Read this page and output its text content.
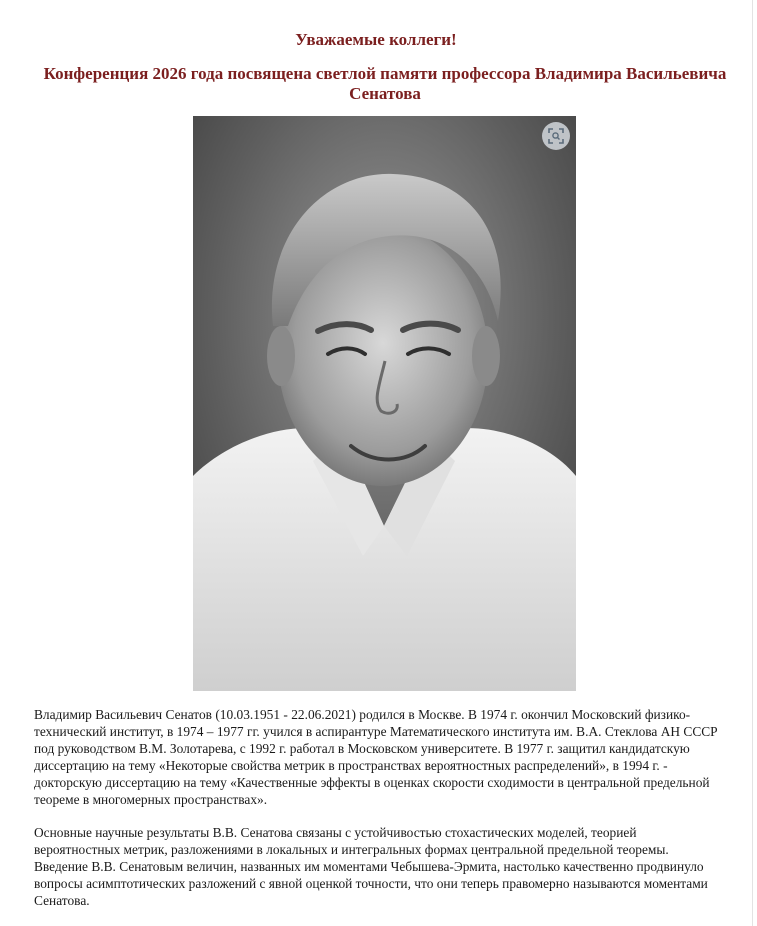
Уважаемые коллеги!
Конференция 2026 года посвящена светлой памяти профессора Владимира Васильевича Сенатова

Владимир Васильевич Сенатов (10.03.1951 - 22.06.2021) родился в Москве. В 1974 г. окончил Московский физико-технический институт, в 1974 – 1977 гг. учился в аспирантуре Математического института им. В.А. Стеклова АН СССР под руководством В.М. Золотарева, с 1992 г. работал в Московском университете. В 1977 г. защитил кандидатскую диссертацию на тему «Некоторые свойства метрик в пространствах вероятностных распределений», в 1994 г. - докторскую диссертацию на тему «Качественные эффекты в оценках скорости сходимости в центральной предельной теореме в многомерных пространствах».

Основные научные результаты В.В. Сенатова связаны с устойчивостью стохастических моделей, теорией вероятностных метрик, разложениями в локальных и интегральных формах центральной предельной теоремы. Введение В.В. Сенатовым величин, названных им моментами Чебышева-Эрмита, настолько качественно продвинуло вопросы асимптотических разложений с явной оценкой точности, что они теперь правомерно называются моментами Сенатова.
